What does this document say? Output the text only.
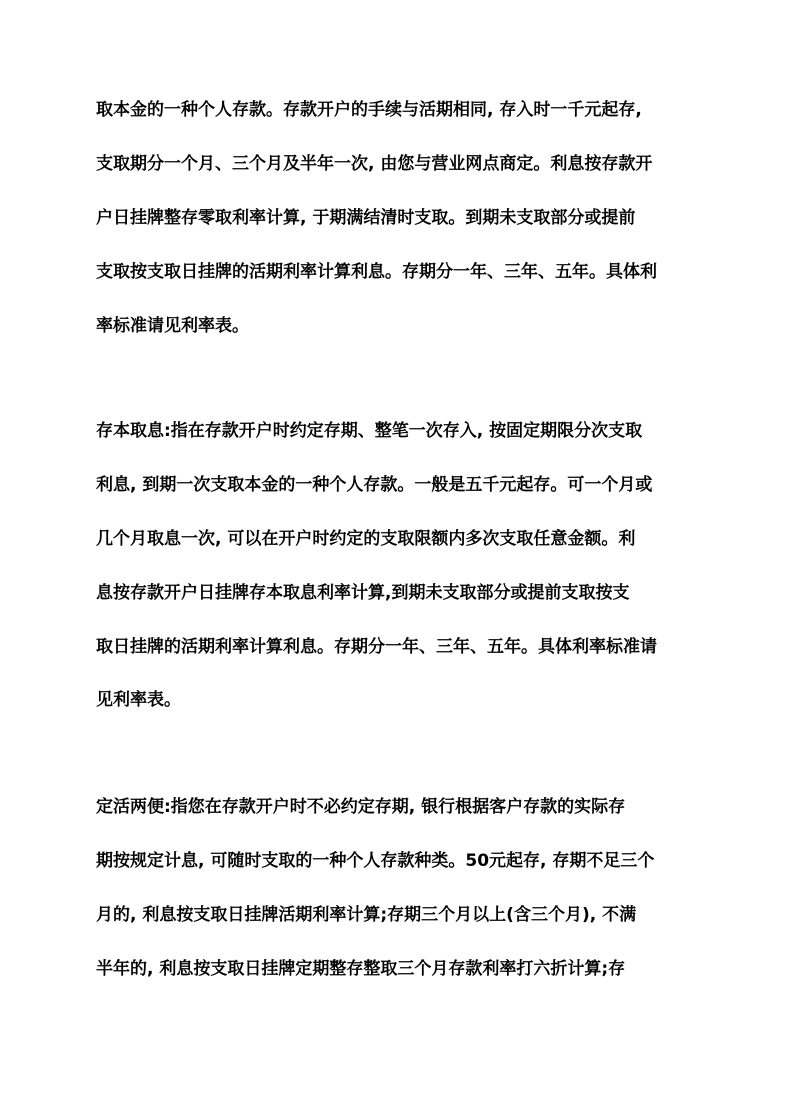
取本金的一种个人存款。存款开户的手续与活期相同, 存入时一千元起存,
支取期分一个月、三个月及半年一次, 由您与营业网点商定。利息按存款开
户日挂牌整存零取利率计算, 于期满结清时支取。到期未支取部分或提前
支取按支取日挂牌的活期利率计算利息。存期分一年、三年、五年。具体利
率标准请见利率表。
存本取息:指在存款开户时约定存期、整笔一次存入, 按固定期限分次支取
利息, 到期一次支取本金的一种个人存款。一般是五千元起存。可一个月或
几个月取息一次, 可以在开户时约定的支取限额内多次支取任意金额。利
息按存款开户日挂牌存本取息利率计算,到期未支取部分或提前支取按支
取日挂牌的活期利率计算利息。存期分一年、三年、五年。具体利率标准请
见利率表。
定活两便:指您在存款开户时不必约定存期, 银行根据客户存款的实际存
期按规定计息, 可随时支取的一种个人存款种类。50元起存, 存期不足三个
月的, 利息按支取日挂牌活期利率计算;存期三个月以上(含三个月), 不满
半年的, 利息按支取日挂牌定期整存整取三个月存款利率打六折计算;存
